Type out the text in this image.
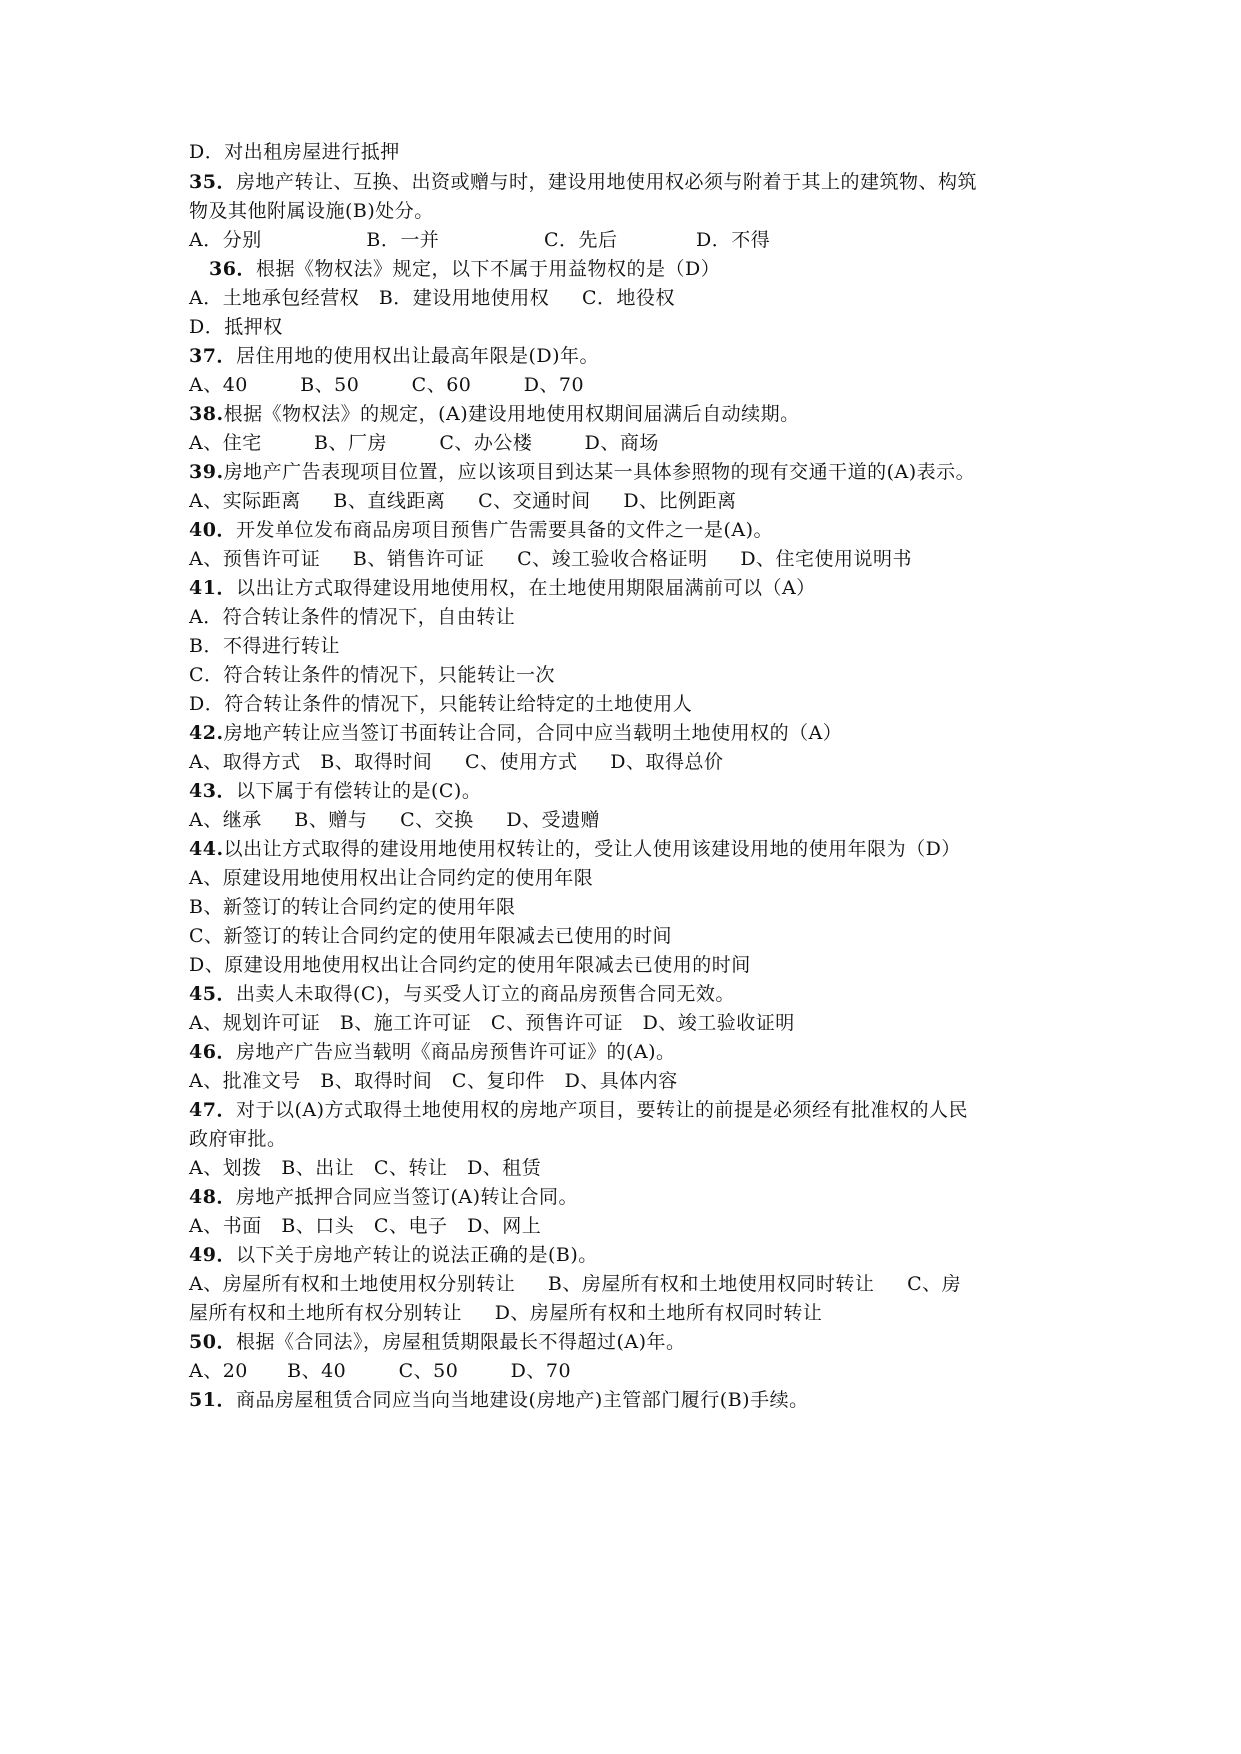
D．对出租房屋进行抵押
35．房地产转让、互换、出资或赠与时，建设用地使用权必须与附着于其上的建筑物、构筑
物及其他附属设施(B)处分。
A．分别                B．一并                C．先后            D．不得
36．根据《物权法》规定，以下不属于用益物权的是（D）
A．土地承包经营权   B．建设用地使用权     C．地役权
D．抵押权
37．居住用地的使用权出让最高年限是(D)年。
A、40        B、50        C、60        D、70
38.根据《物权法》的规定，(A)建设用地使用权期间届满后自动续期。
A、住宅        B、厂房        C、办公楼        D、商场
39.房地产广告表现项目位置，应以该项目到达某一具体参照物的现有交通干道的(A)表示。
A、实际距离     B、直线距离     C、交通时间     D、比例距离
40．开发单位发布商品房项目预售广告需要具备的文件之一是(A)。
A、预售许可证     B、销售许可证     C、竣工验收合格证明     D、住宅使用说明书
41．以出让方式取得建设用地使用权，在土地使用期限届满前可以（A）
A．符合转让条件的情况下，自由转让
B．不得进行转让
C．符合转让条件的情况下，只能转让一次
D．符合转让条件的情况下，只能转让给特定的土地使用人
42.房地产转让应当签订书面转让合同，合同中应当载明土地使用权的（A）
A、取得方式   B、取得时间     C、使用方式     D、取得总价
43．以下属于有偿转让的是(C)。
A、继承     B、赠与     C、交换     D、受遗赠
44.以出让方式取得的建设用地使用权转让的，受让人使用该建设用地的使用年限为（D）
A、原建设用地使用权出让合同约定的使用年限
B、新签订的转让合同约定的使用年限
C、新签订的转让合同约定的使用年限减去已使用的时间
D、原建设用地使用权出让合同约定的使用年限减去已使用的时间
45．出卖人未取得(C)，与买受人订立的商品房预售合同无效。
A、规划许可证   B、施工许可证   C、预售许可证   D、竣工验收证明
46．房地产广告应当载明《商品房预售许可证》的(A)。
A、批准文号   B、取得时间   C、复印件   D、具体内容
47．对于以(A)方式取得土地使用权的房地产项目，要转让的前提是必须经有批准权的人民
政府审批。
A、划拨   B、出让   C、转让   D、租赁
48．房地产抵押合同应当签订(A)转让合同。
A、书面   B、口头   C、电子   D、网上
49．以下关于房地产转让的说法正确的是(B)。
A、房屋所有权和土地使用权分别转让     B、房屋所有权和土地使用权同时转让     C、房
屋所有权和土地所有权分别转让     D、房屋所有权和土地所有权同时转让
50．根据《合同法》，房屋租赁期限最长不得超过(A)年。
A、20      B、40        C、50        D、70
51．商品房屋租赁合同应当向当地建设(房地产)主管部门履行(B)手续。
